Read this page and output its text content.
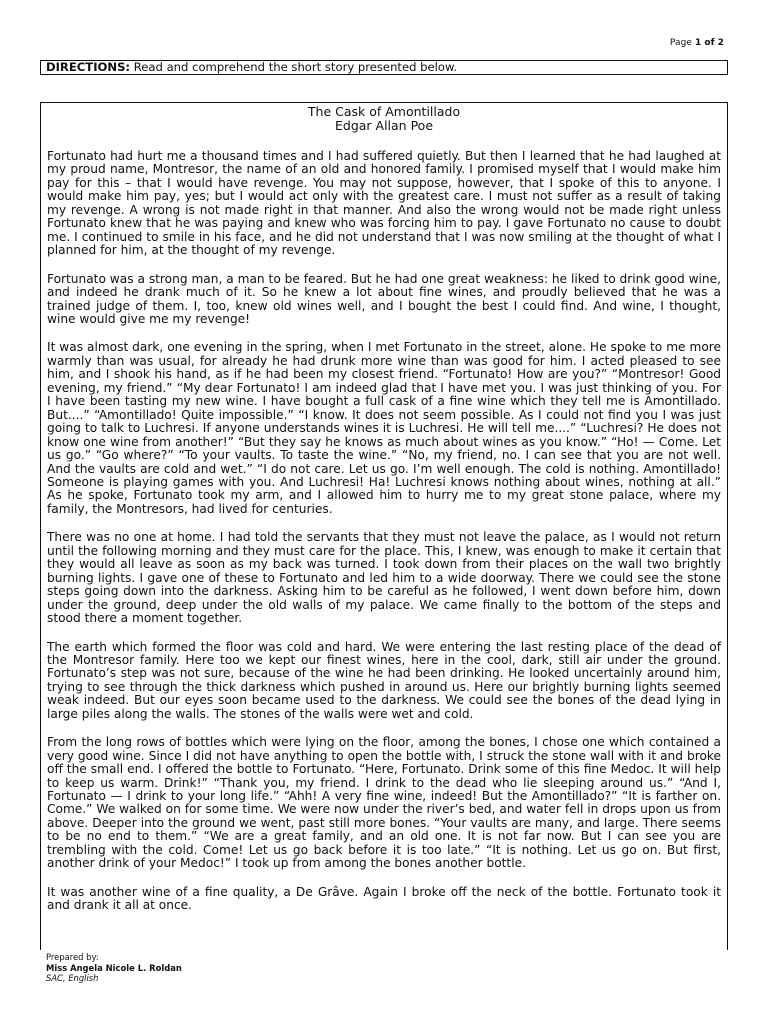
Page 1 of 2
DIRECTIONS: Read and comprehend the short story presented below.
The Cask of Amontillado
Edgar Allan Poe

Fortunato had hurt me a thousand times and I had suffered quietly. But then I learned that he had laughed at my proud name, Montresor, the name of an old and honored family. I promised myself that I would make him pay for this – that I would have revenge. You may not suppose, however, that I spoke of this to anyone. I would make him pay, yes; but I would act only with the greatest care. I must not suffer as a result of taking my revenge. A wrong is not made right in that manner. And also the wrong would not be made right unless Fortunato knew that he was paying and knew who was forcing him to pay. I gave Fortunato no cause to doubt me. I continued to smile in his face, and he did not understand that I was now smiling at the thought of what I planned for him, at the thought of my revenge.

Fortunato was a strong man, a man to be feared. But he had one great weakness: he liked to drink good wine, and indeed he drank much of it. So he knew a lot about fine wines, and proudly believed that he was a trained judge of them. I, too, knew old wines well, and I bought the best I could find. And wine, I thought, wine would give me my revenge!

It was almost dark, one evening in the spring, when I met Fortunato in the street, alone. He spoke to me more warmly than was usual, for already he had drunk more wine than was good for him. I acted pleased to see him, and I shook his hand, as if he had been my closest friend. “Fortunato! How are you?” “Montresor! Good evening, my friend.” “My dear Fortunato! I am indeed glad that I have met you. I was just thinking of you. For I have been tasting my new wine. I have bought a full cask of a fine wine which they tell me is Amontillado. But....” “Amontillado! Quite impossible.” “I know. It does not seem possible. As I could not find you I was just going to talk to Luchresi. If anyone understands wines it is Luchresi. He will tell me....” “Luchresi? He does not know one wine from another!” “But they say he knows as much about wines as you know.” “Ho! — Come. Let us go.” “Go where?” “To your vaults. To taste the wine.” “No, my friend, no. I can see that you are not well. And the vaults are cold and wet.” “I do not care. Let us go. I’m well enough. The cold is nothing. Amontillado! Someone is playing games with you. And Luchresi! Ha! Luchresi knows nothing about wines, nothing at all.” As he spoke, Fortunato took my arm, and I allowed him to hurry me to my great stone palace, where my family, the Montresors, had lived for centuries.

There was no one at home. I had told the servants that they must not leave the palace, as I would not return until the following morning and they must care for the place. This, I knew, was enough to make it certain that they would all leave as soon as my back was turned. I took down from their places on the wall two brightly burning lights. I gave one of these to Fortunato and led him to a wide doorway. There we could see the stone steps going down into the darkness. Asking him to be careful as he followed, I went down before him, down under the ground, deep under the old walls of my palace. We came finally to the bottom of the steps and stood there a moment together.

The earth which formed the floor was cold and hard. We were entering the last resting place of the dead of the Montresor family. Here too we kept our finest wines, here in the cool, dark, still air under the ground. Fortunato’s step was not sure, because of the wine he had been drinking. He looked uncertainly around him, trying to see through the thick darkness which pushed in around us. Here our brightly burning lights seemed weak indeed. But our eyes soon became used to the darkness. We could see the bones of the dead lying in large piles along the walls. The stones of the walls were wet and cold.

From the long rows of bottles which were lying on the floor, among the bones, I chose one which contained a very good wine. Since I did not have anything to open the bottle with, I struck the stone wall with it and broke off the small end. I offered the bottle to Fortunato. “Here, Fortunato. Drink some of this fine Medoc. It will help to keep us warm. Drink!” “Thank you, my friend. I drink to the dead who lie sleeping around us.” “And I, Fortunato — I drink to your long life.” “Ahh! A very fine wine, indeed! But the Amontillado?” “It is farther on. Come.” We walked on for some time. We were now under the river’s bed, and water fell in drops upon us from above. Deeper into the ground we went, past still more bones. “Your vaults are many, and large. There seems to be no end to them.” “We are a great family, and an old one. It is not far now. But I can see you are trembling with the cold. Come! Let us go back before it is too late.” “It is nothing. Let us go on. But first, another drink of your Medoc!” I took up from among the bones another bottle.

It was another wine of a fine quality, a De Grâve. Again I broke off the neck of the bottle. Fortunato took it and drank it all at once.

Prepared by:
Miss Angela Nicole L. Roldan
SAC, English
